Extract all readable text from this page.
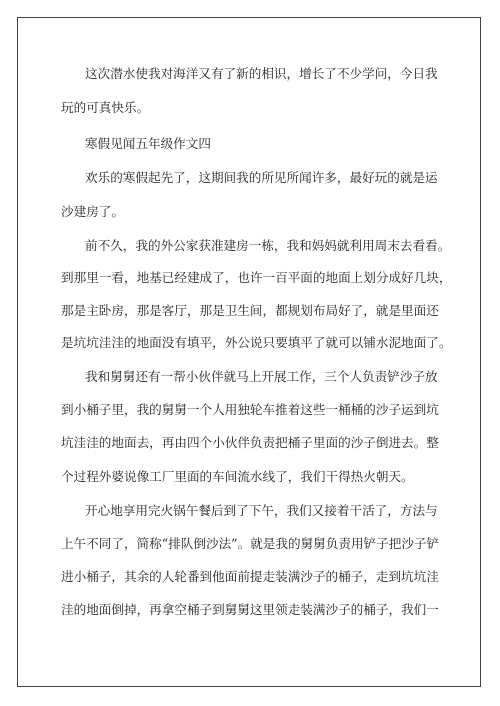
这次潜水使我对海洋又有了新的相识，增长了不少学问，今日我
玩的可真快乐。
寒假见闻五年级作文四
欢乐的寒假起先了，这期间我的所见所闻许多，最好玩的就是运
沙建房了。
前不久，我的外公家获准建房一栋，我和妈妈就利用周末去看看。
到那里一看，地基已经建成了，也许一百平面的地面上划分成好几块，
那是主卧房，那是客厅，那是卫生间，都规划布局好了，就是里面还
是坑坑洼洼的地面没有填平，外公说只要填平了就可以铺水泥地面了。
我和舅舅还有一帮小伙伴就马上开展工作，三个人负责铲沙子放
到小桶子里，我的舅舅一个人用独轮车推着这些一桶桶的沙子运到坑
坑洼洼的地面去，再由四个小伙伴负责把桶子里面的沙子倒进去。整
个过程外婆说像工厂里面的车间流水线了，我们干得热火朝天。
开心地享用完火锅午餐后到了下午，我们又接着干活了，方法与
上午不同了，简称“排队倒沙法”。就是我的舅舅负责用铲子把沙子铲
进小桶子，其余的人轮番到他面前提走装满沙子的桶子，走到坑坑洼
洼的地面倒掉，再拿空桶子到舅舅这里领走装满沙子的桶子，我们一
